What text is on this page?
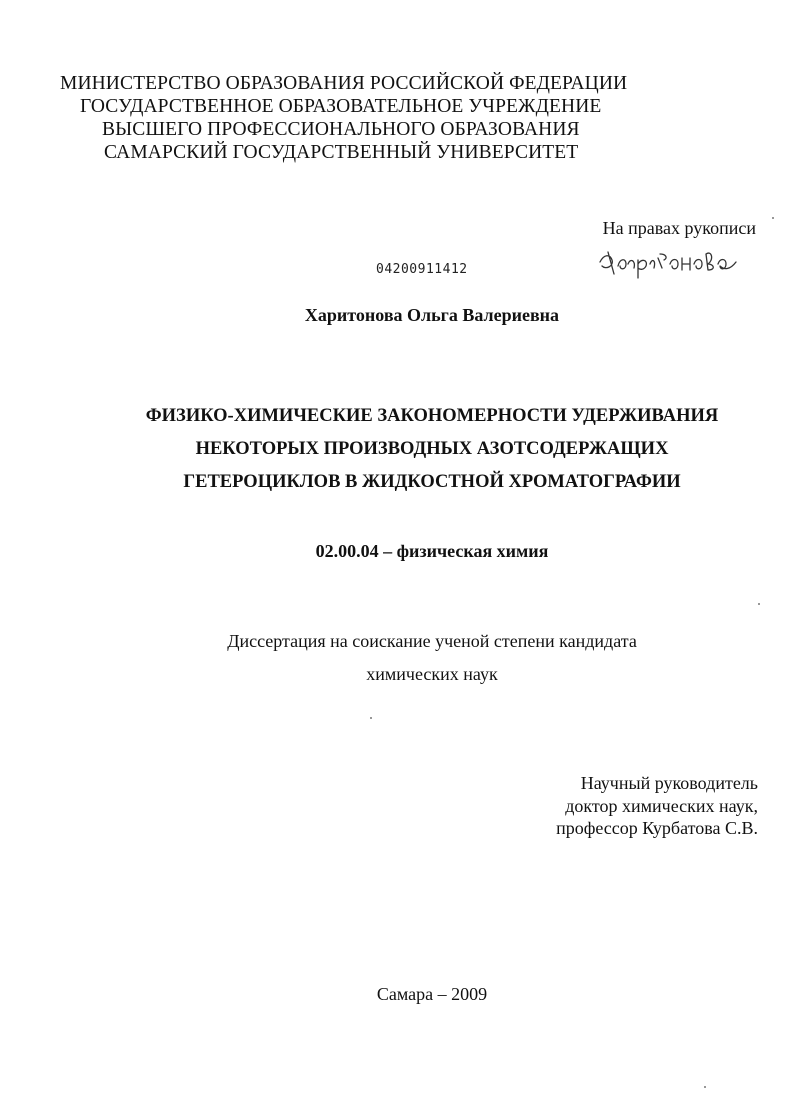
МИНИСТЕРСТВО ОБРАЗОВАНИЯ РОССИЙСКОЙ ФЕДЕРАЦИИ
ГОСУДАРСТВЕННОЕ ОБРАЗОВАТЕЛЬНОЕ УЧРЕЖДЕНИЕ
ВЫСШЕГО ПРОФЕССИОНАЛЬНОГО ОБРАЗОВАНИЯ
САМАРСКИЙ ГОСУДАРСТВЕННЫЙ УНИВЕРСИТЕТ
На правах рукописи
04200911412
Харитонова Ольга Валериевна
ФИЗИКО-ХИМИЧЕСКИЕ ЗАКОНОМЕРНОСТИ УДЕРЖИВАНИЯ
НЕКОТОРЫХ ПРОИЗВОДНЫХ АЗОТСОДЕРЖАЩИХ
ГЕТЕРОЦИКЛОВ В ЖИДКОСТНОЙ ХРОМАТОГРАФИИ
02.00.04 – физическая химия
Диссертация на соискание ученой степени кандидата
химических наук
Научный руководитель
доктор химических наук,
профессор Курбатова С.В.
Самара – 2009
